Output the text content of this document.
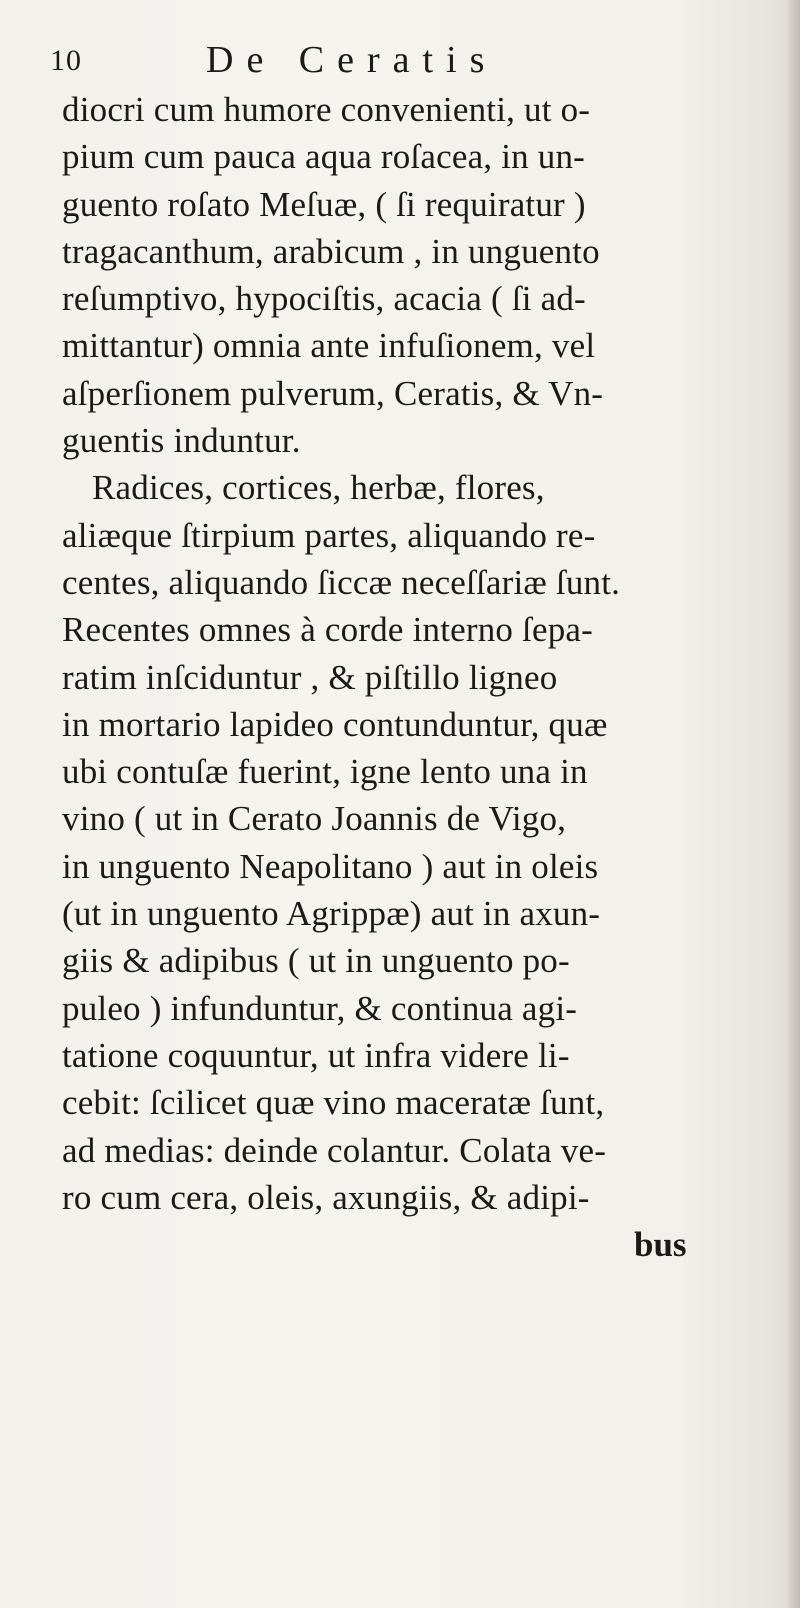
10	De Ceratis
diocri cum humore convenienti, ut o-
pium cum pauca aqua roſacea, in un-
guento roſato Meſuæ, ( ſi requiratur )
tragacanthum, arabicum , in unguento
reſumptivo, hypociſtis, acacia ( ſi ad-
mittantur) omnia ante infuſionem, vel
aſperſionem pulverum, Ceratis, & Vn-
guentis induntur.
Radices, cortices, herbæ, flores,
aliæque ſtirpium partes, aliquando re-
centes, aliquando ſiccæ neceſſariæ ſunt.
Recentes omnes à corde interno ſepa-
ratim inſciduntur , & piſtillo ligneo
in mortario lapideo contunduntur, quæ
ubi contuſæ fuerint, igne lento una in
vino ( ut in Cerato Joannis de Vigo,
in unguento Neapolitano ) aut in oleis
(ut in unguento Agrippæ) aut in axun-
giis & adipibus ( ut in unguento po-
puleo ) infunduntur, & continua agi-
tatione coquuntur, ut infra videre li-
cebit: ſcilicet quæ vino maceratæ ſunt,
ad medias: deinde colantur. Colata ve-
ro cum cera, oleis, axungiis, & adipi-
bus
